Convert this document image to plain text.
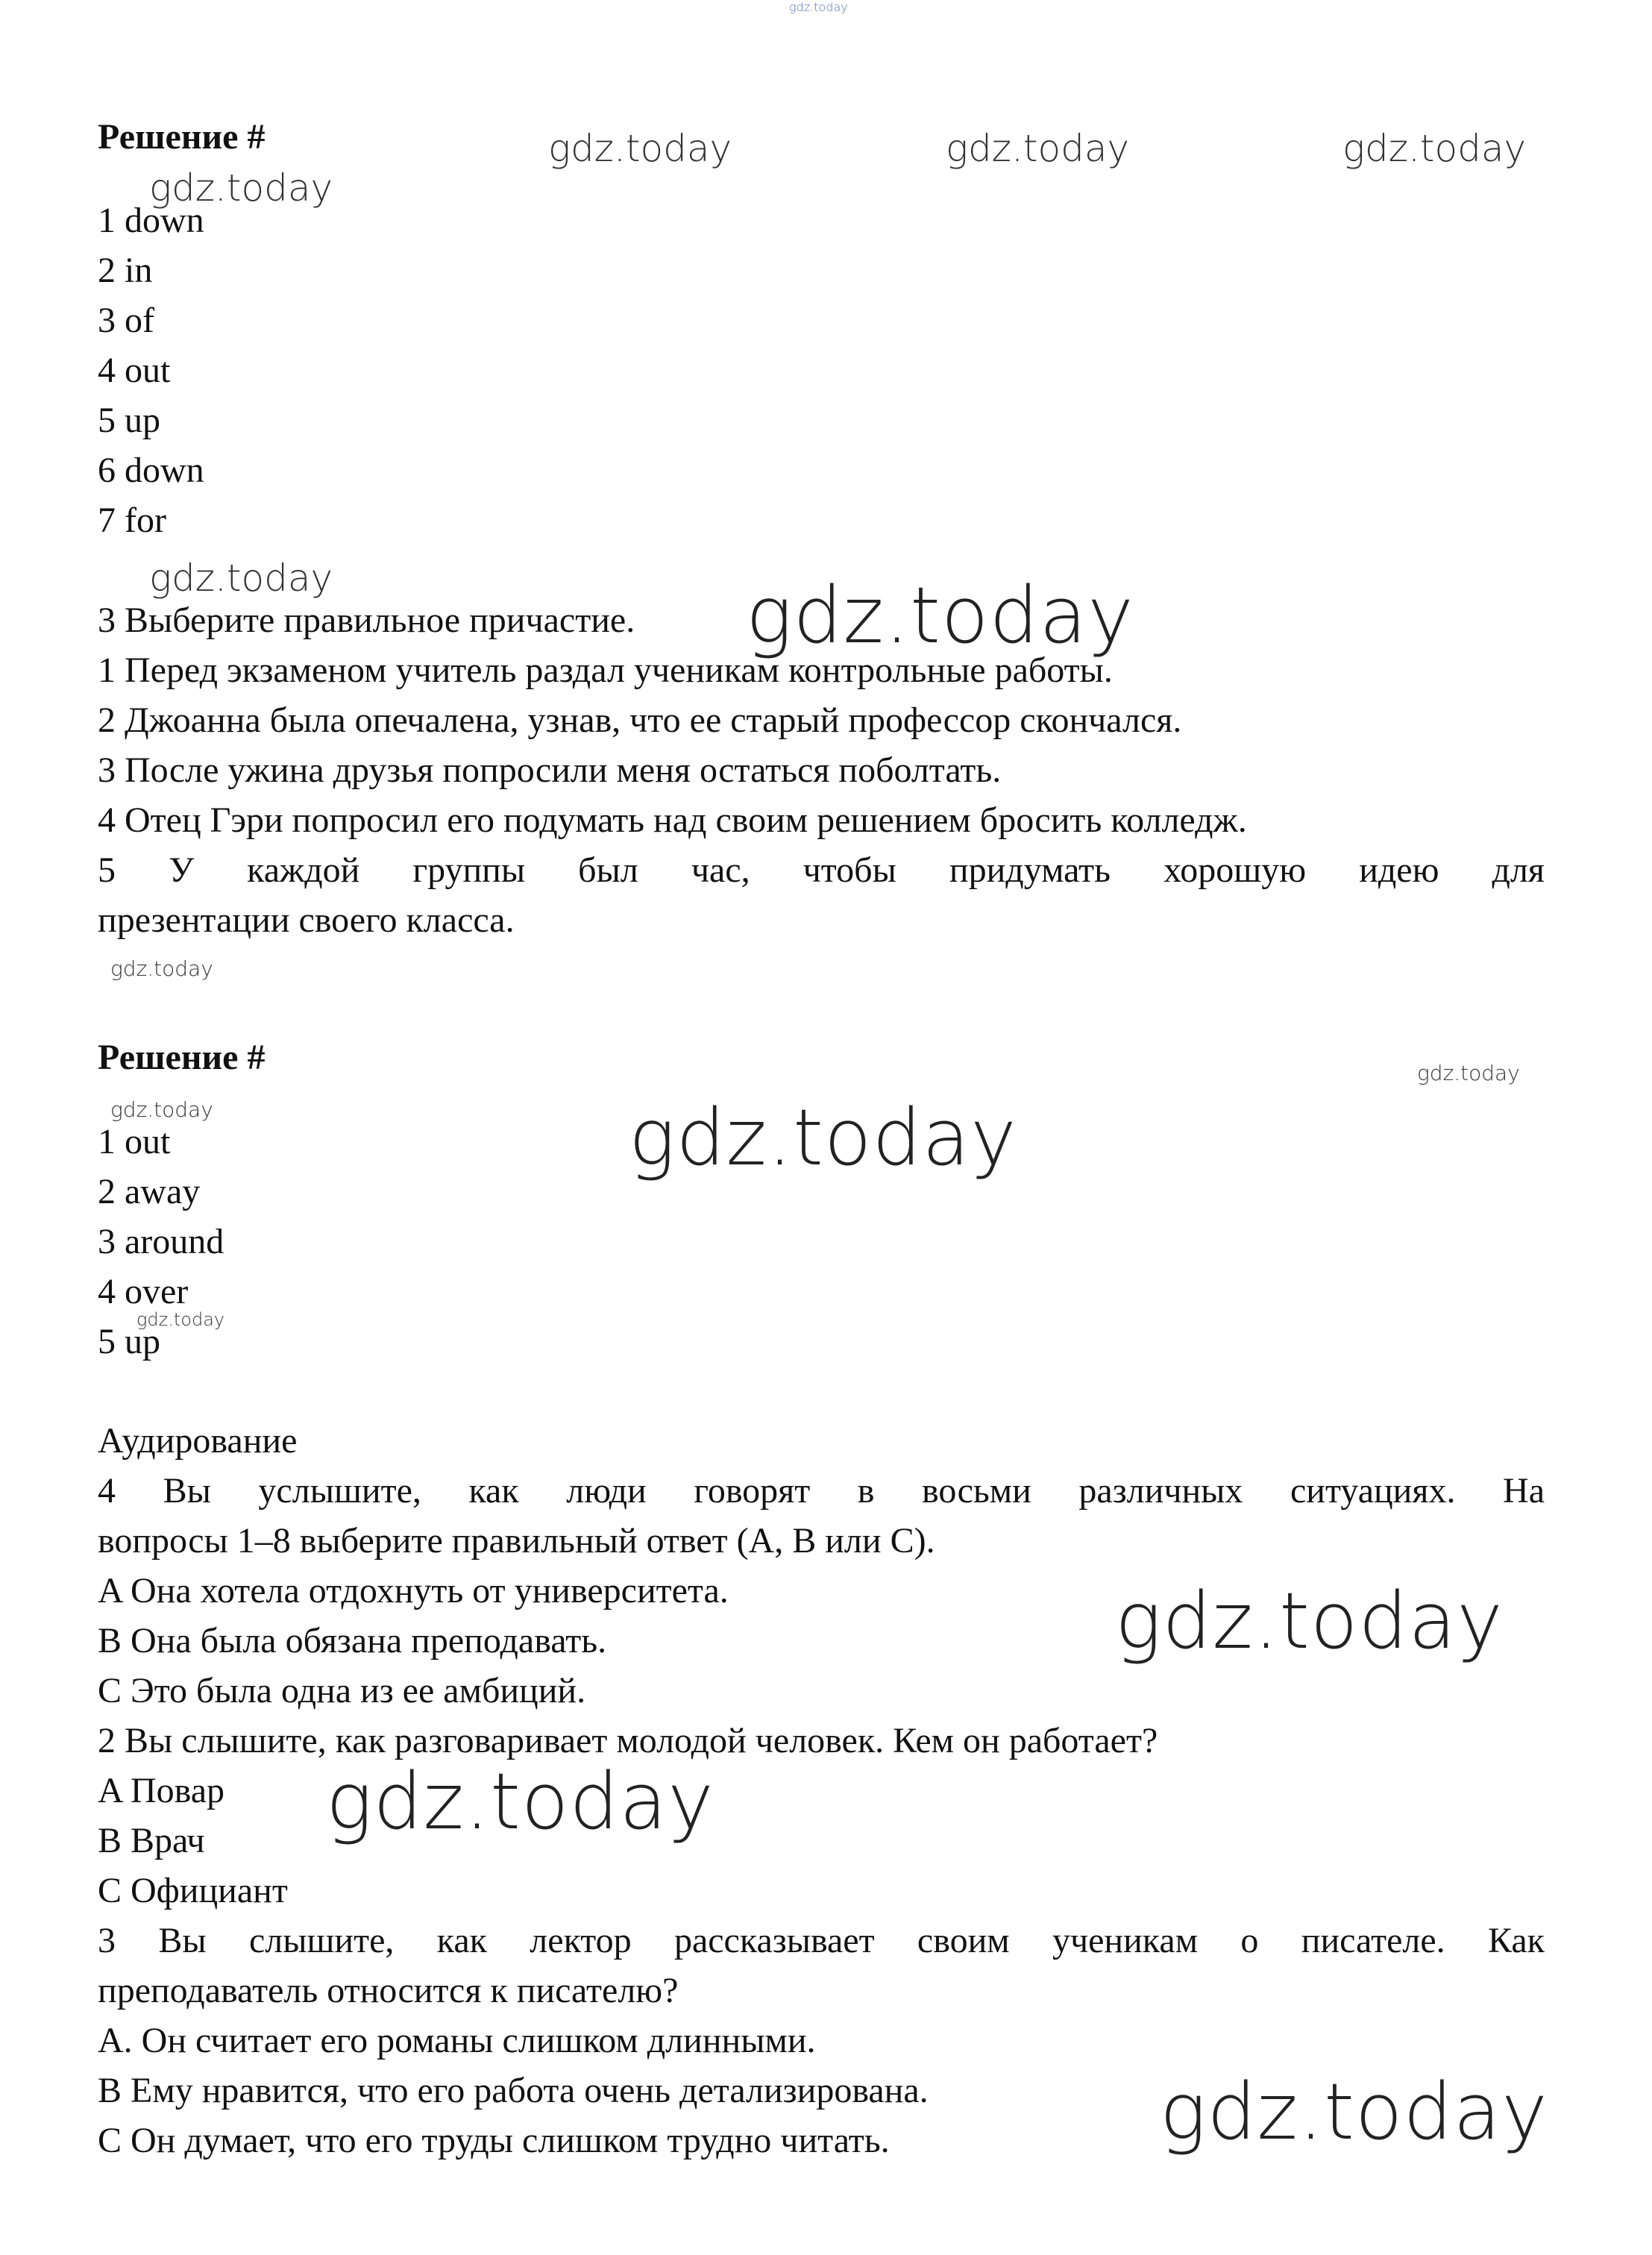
gdz.today
gdz.today	gdz.today	gdz.today
gdz.today
gdz.today	gdz.today
gdz.today
gdz.today
gdz.today	gdz.today
gdz.today
gdz.today
gdz.today
gdz.today
Решение #
1 down
2 in
3 of
4 out
5 up
6 down
7 for
3 Выберите правильное причастие.
1 Перед экзаменом учитель раздал ученикам контрольные работы.
2 Джоанна была опечалена, узнав, что ее старый профессор скончался.
3 После ужина друзья попросили меня остаться поболтать.
4 Отец Гэри попросил его подумать над своим решением бросить колледж.
5 У каждой группы был час, чтобы придумать хорошую идею для
презентации своего класса.
Решение #
1 out
2 away
3 around
4 over
5 up
Аудирование
4 Вы услышите, как люди говорят в восьми различных ситуациях. На
вопросы 1–8 выберите правильный ответ (A, B или C).
A Она хотела отдохнуть от университета.
B Она была обязана преподавать.
C Это была одна из ее амбиций.
2 Вы слышите, как разговаривает молодой человек. Кем он работает?
A Повар
B Врач
C Официант
3 Вы слышите, как лектор рассказывает своим ученикам о писателе. Как
преподаватель относится к писателю?
A. Он считает его романы слишком длинными.
B Ему нравится, что его работа очень детализирована.
C Он думает, что его труды слишком трудно читать.
